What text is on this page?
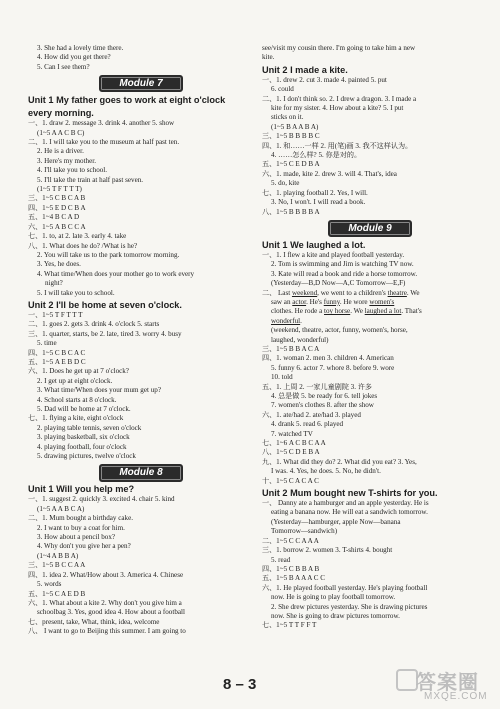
3. She had a lovely time there.
4. How did you get there?
5. Can I see them?
Module 7
Unit 1 My father goes to work at eight o'clock
every morning.
一、1. draw 2. message 3. drink 4. another 5. show
(1~5 A A C B C)
二、1. I will take you to the museum at half past ten.
2. He is a driver.
3. Here's my mother.
4. I'll take you to school.
5. I'll take the train at half past seven.
(1~5 T F T T T)
三、1~5 C B C A B
四、1~5 E D C B A
五、1~4 B C A D
六、1~5 A B C C A
七、1. to, at 2. late 3. early 4. take
八、1. What does he do? /What is he?
2. You will take us to the park tomorrow morning.
3. Yes, he does.
4. What time/When does your mother go to work every
night?
5. I will take you to school.
Unit 2 I'll be home at seven o'clock.
一、1~5 T F T T T
二、1. goes 2. gets 3. drink 4. o'clock 5. starts
三、1. quarter, starts, be 2. late, tired 3. worry 4. busy
5. time
四、1~5 C B C A C
五、1~5 A E B D C
六、1. Does he get up at 7 o'clock?
2. I get up at eight o'clock.
3. What time/When does your mum get up?
4. School starts at 8 o'clock.
5. Dad will be home at 7 o'clock.
七、1. flying a kite, eight o'clock
2. playing table tennis, seven o'clock
3. playing basketball, six o'clock
4. playing football, four o'clock
5. drawing pictures, twelve o'clock
Module 8
Unit 1 Will you help me?
一、1. suggest 2. quickly 3. excited 4. chair 5. kind
(1~5 A A B C A)
二、1. Mum bought a birthday cake.
2. I want to buy a coat for him.
3. How about a pencil box?
4. Why don't you give her a pen?
(1~4 A B B A)
三、1~5 B C C A A
四、1. idea 2. What/How about 3. America 4. Chinese
5. words
五、1~5 C A E D B
六、1. What about a kite 2. Why don't you give him a
schoolbag 3. Yes, good idea 4. How about a football
七、present, take, What, think, idea, welcome
八、 I want to go to Beijing this summer. I am going to
see/visit my cousin there. I'm going to take him a new
kite.
Unit 2 I made a kite.
一、1. drew 2. cut 3. made 4. painted 5. put
6. could
二、1. I don't think so. 2. I drew a dragon. 3. I made a
kite for my sister. 4. How about a kite? 5. I put
sticks on it.
(1~5 B A A B A)
三、1~5 B B B B C
四、1. 和……一样 2. 用(笔)画 3. 我不这样认为。
4. ……怎么样? 5. 你是对的。
五、1~5 C E D B A
六、1. made, kite 2. drew 3. will 4. That's, idea
5. do, kite
七、1. playing football 2. Yes, I will.
3. No, I won't. I will read a book.
八、1~5 B B B B A
Module 9
Unit 1 We laughed a lot.
一、1. I flew a kite and played football yesterday.
2. Tom is swimming and Jim is watching TV now.
3. Kate will read a book and ride a horse tomorrow.
(Yesterday—B,D Now—A,C Tomorrow—E,F)
二、 Last weekend, we went to a children's theatre. We
saw an actor. He's funny. He wore women's
clothes. He rode a toy horse. We laughed a lot. That's
wonderful.
(weekend, theatre, actor, funny, women's, horse,
laughed, wonderful)
三、1~5 B B A C A
四、1. woman 2. men 3. children 4. American
5. funny 6. actor 7. whore 8. before 9. wore
10. told
五、1. 上周 2. 一家儿童剧院 3. 许多
4. 总是做 5. be ready for 6. tell jokes
7. women's clothes 8. after the show
六、1. ate/had 2. ate/had 3. played
4. drank 5. read 6. played
7. watched TV
七、1~6 A C B C A A
八、1~5 C D E B A
九、1. What did they do? 2. What did you eat? 3. Yes,
I was. 4. Yes, he does. 5. No, he didn't.
十、1~5 C A C A C
Unit 2 Mum bought new T-shirts for you.
一、 Danny ate a hamburger and an apple yesterday. He is
eating a banana now. He will eat a sandwich tomorrow.
(Yesterday—hamburger, apple Now—banana
Tomorrow—sandwich)
二、1~5 C C A A A
三、1. borrow 2. women 3. T-shirts 4. bought
5. read
四、1~5 C B B A B
五、1~5 B A A A C C
六、1. He played football yesterday. He's playing football
now. He is going to play football tomorrow.
2. She drew pictures yesterday. She is drawing pictures
now. She is going to draw pictures tomorrow.
七、1~5 T T F F T
8 – 3	答案圈
MXQE.COM
